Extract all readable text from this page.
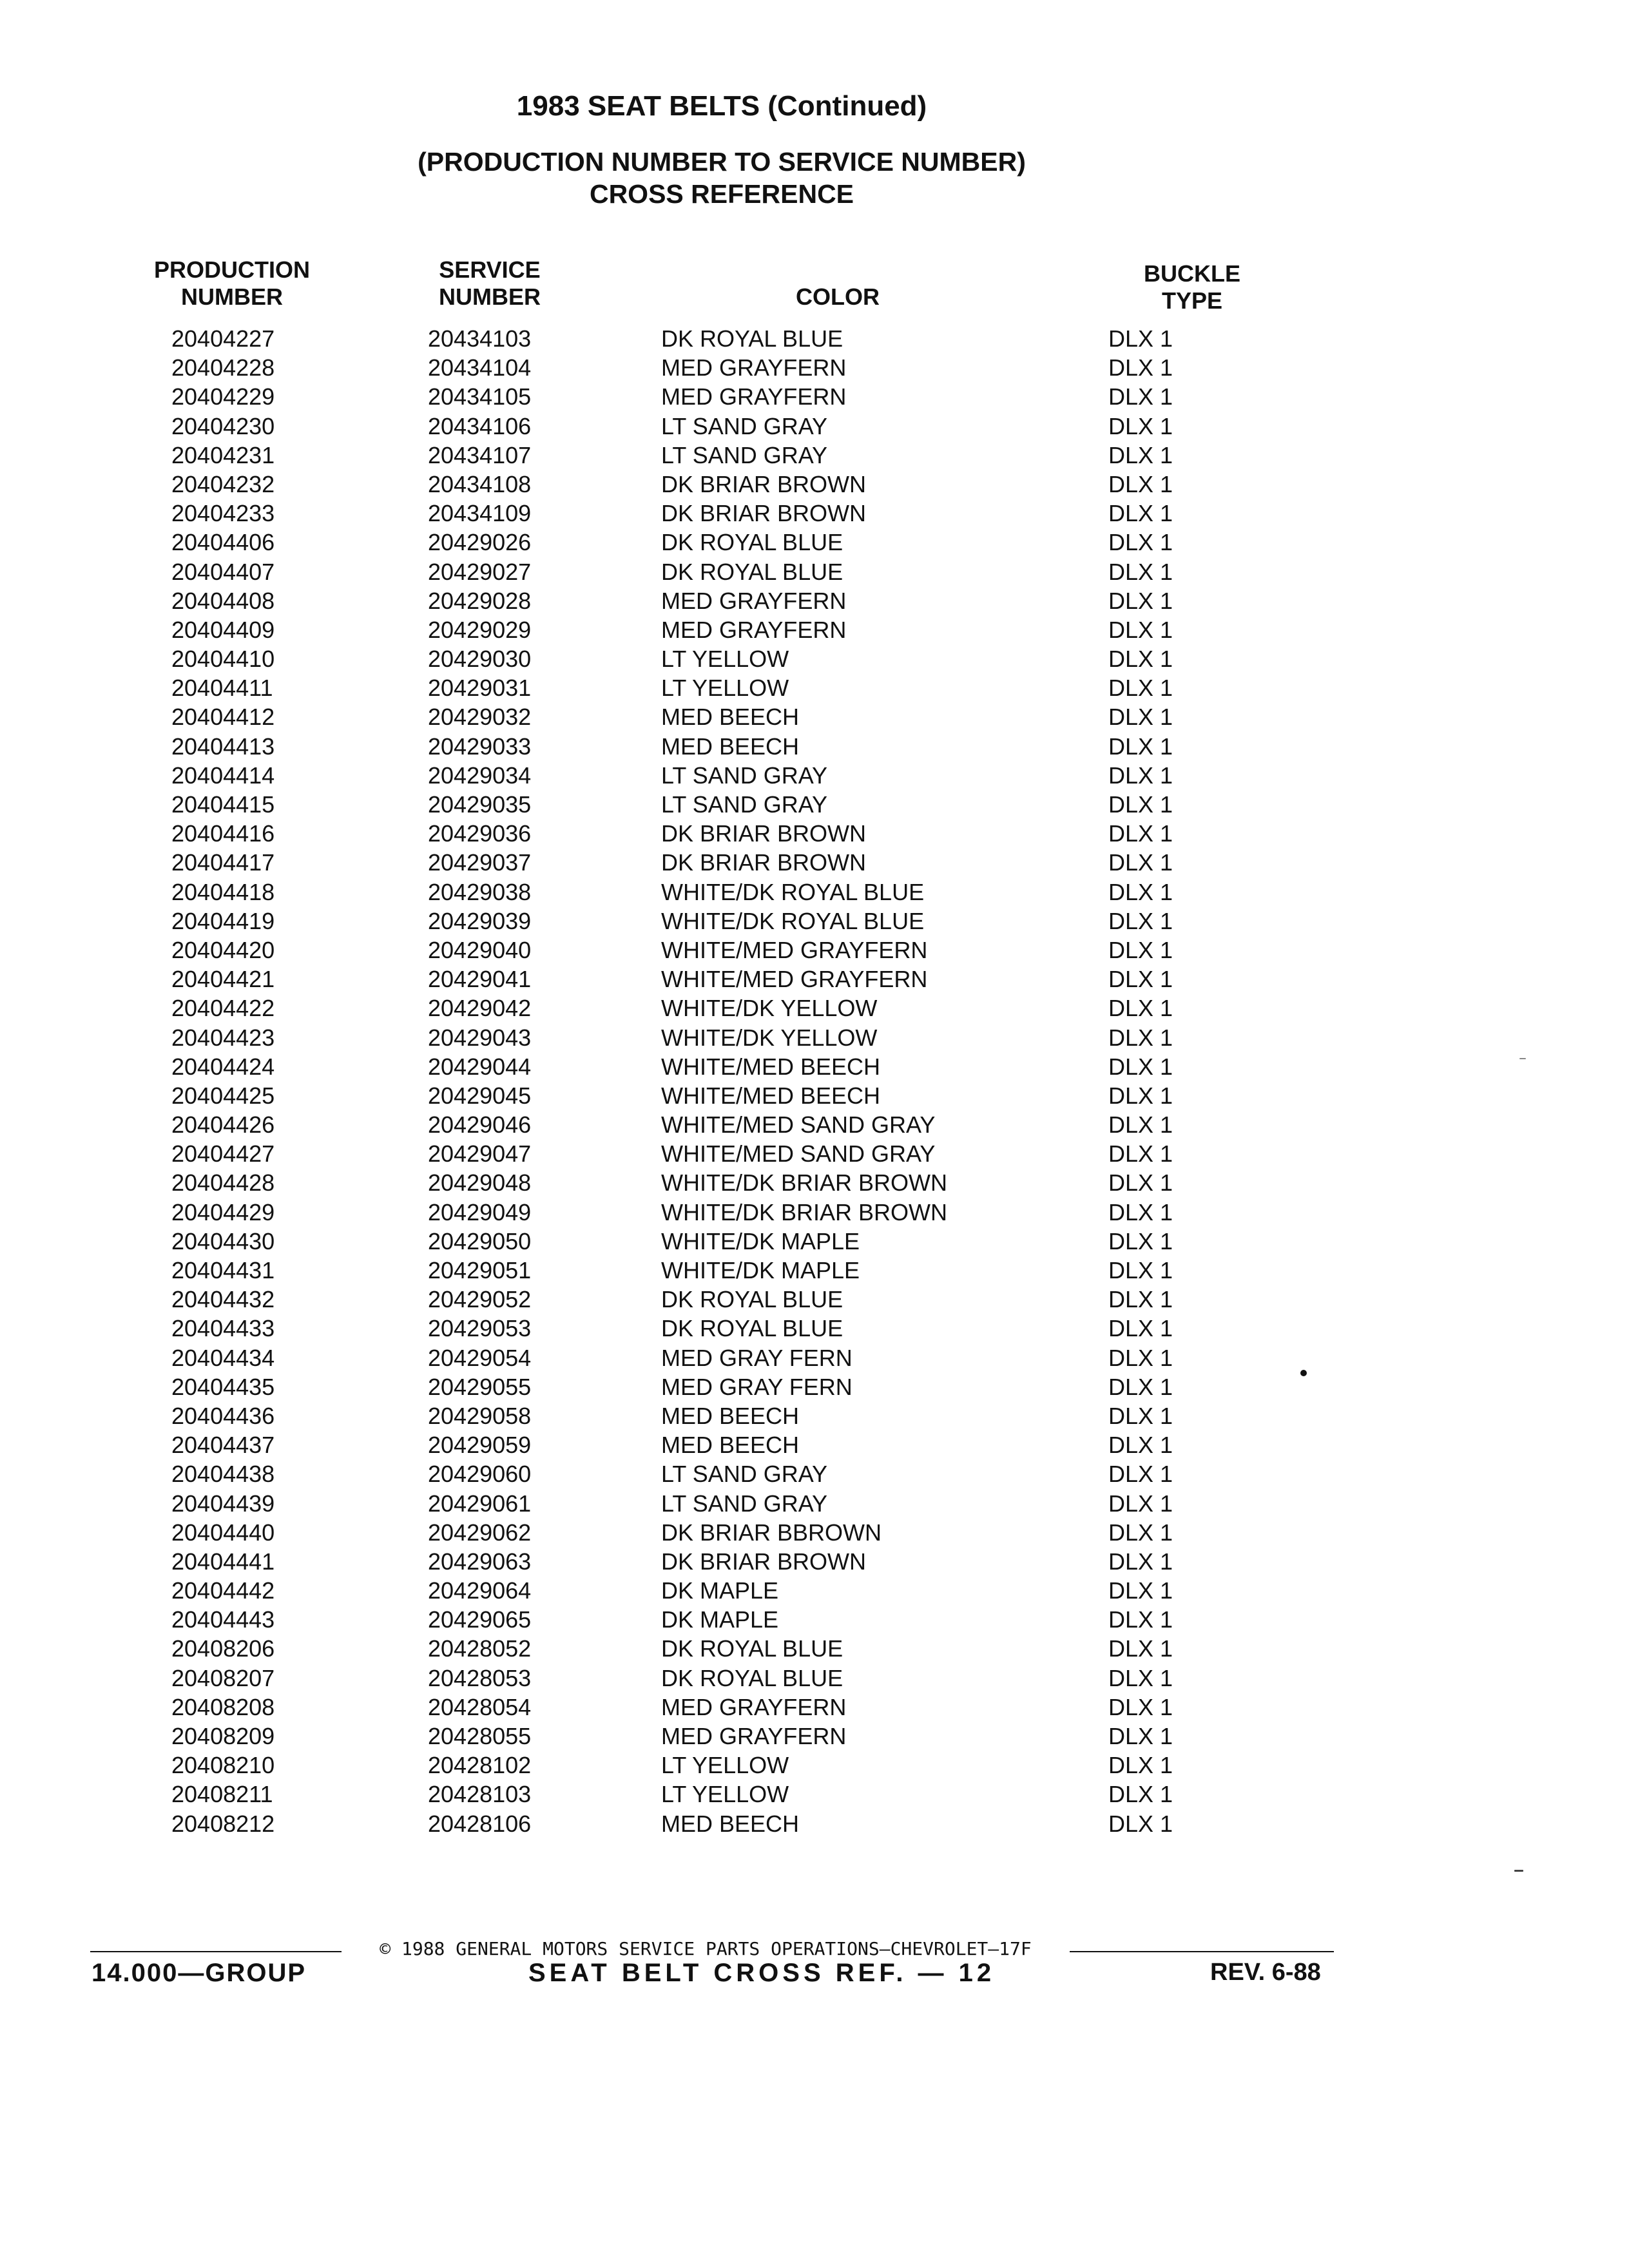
1983 SEAT BELTS (Continued)
(PRODUCTION NUMBER TO SERVICE NUMBER)
CROSS REFERENCE
PRODUCTION
NUMBER
SERVICE
NUMBER	COLOR
BUCKLE
TYPE
20404227	20434103	DK ROYAL BLUE	DLX 1
20404228	20434104	MED GRAYFERN	DLX 1
20404229	20434105	MED GRAYFERN	DLX 1
20404230	20434106	LT SAND GRAY	DLX 1
20404231	20434107	LT SAND GRAY	DLX 1
20404232	20434108	DK BRIAR BROWN	DLX 1
20404233	20434109	DK BRIAR BROWN	DLX 1
20404406	20429026	DK ROYAL BLUE	DLX 1
20404407	20429027	DK ROYAL BLUE	DLX 1
20404408	20429028	MED GRAYFERN	DLX 1
20404409	20429029	MED GRAYFERN	DLX 1
20404410	20429030	LT YELLOW	DLX 1
20404411	20429031	LT YELLOW	DLX 1
20404412	20429032	MED BEECH	DLX 1
20404413	20429033	MED BEECH	DLX 1
20404414	20429034	LT SAND GRAY	DLX 1
20404415	20429035	LT SAND GRAY	DLX 1
20404416	20429036	DK BRIAR BROWN	DLX 1
20404417	20429037	DK BRIAR BROWN	DLX 1
20404418	20429038	WHITE/DK ROYAL BLUE	DLX 1
20404419	20429039	WHITE/DK ROYAL BLUE	DLX 1
20404420	20429040	WHITE/MED GRAYFERN	DLX 1
20404421	20429041	WHITE/MED GRAYFERN	DLX 1
20404422	20429042	WHITE/DK YELLOW	DLX 1
20404423	20429043	WHITE/DK YELLOW	DLX 1
20404424	20429044	WHITE/MED BEECH	DLX 1
20404425	20429045	WHITE/MED BEECH	DLX 1
20404426	20429046	WHITE/MED SAND GRAY	DLX 1
20404427	20429047	WHITE/MED SAND GRAY	DLX 1
20404428	20429048	WHITE/DK BRIAR BROWN	DLX 1
20404429	20429049	WHITE/DK BRIAR BROWN	DLX 1
20404430	20429050	WHITE/DK MAPLE	DLX 1
20404431	20429051	WHITE/DK MAPLE	DLX 1
20404432	20429052	DK ROYAL BLUE	DLX 1
20404433	20429053	DK ROYAL BLUE	DLX 1
20404434	20429054	MED GRAY FERN	DLX 1
20404435	20429055	MED GRAY FERN	DLX 1
20404436	20429058	MED BEECH	DLX 1
20404437	20429059	MED BEECH	DLX 1
20404438	20429060	LT SAND GRAY	DLX 1
20404439	20429061	LT SAND GRAY	DLX 1
20404440	20429062	DK BRIAR BBROWN	DLX 1
20404441	20429063	DK BRIAR BROWN	DLX 1
20404442	20429064	DK MAPLE	DLX 1
20404443	20429065	DK MAPLE	DLX 1
20408206	20428052	DK ROYAL BLUE	DLX 1
20408207	20428053	DK ROYAL BLUE	DLX 1
20408208	20428054	MED GRAYFERN	DLX 1
20408209	20428055	MED GRAYFERN	DLX 1
20408210	20428102	LT YELLOW	DLX 1
20408211	20428103	LT YELLOW	DLX 1
20408212	20428106	MED BEECH	DLX 1
© 1988 GENERAL MOTORS SERVICE PARTS OPERATIONS—CHEVROLET—17F
14.000—GROUP	SEAT BELT CROSS REF. — 12	REV. 6-88
